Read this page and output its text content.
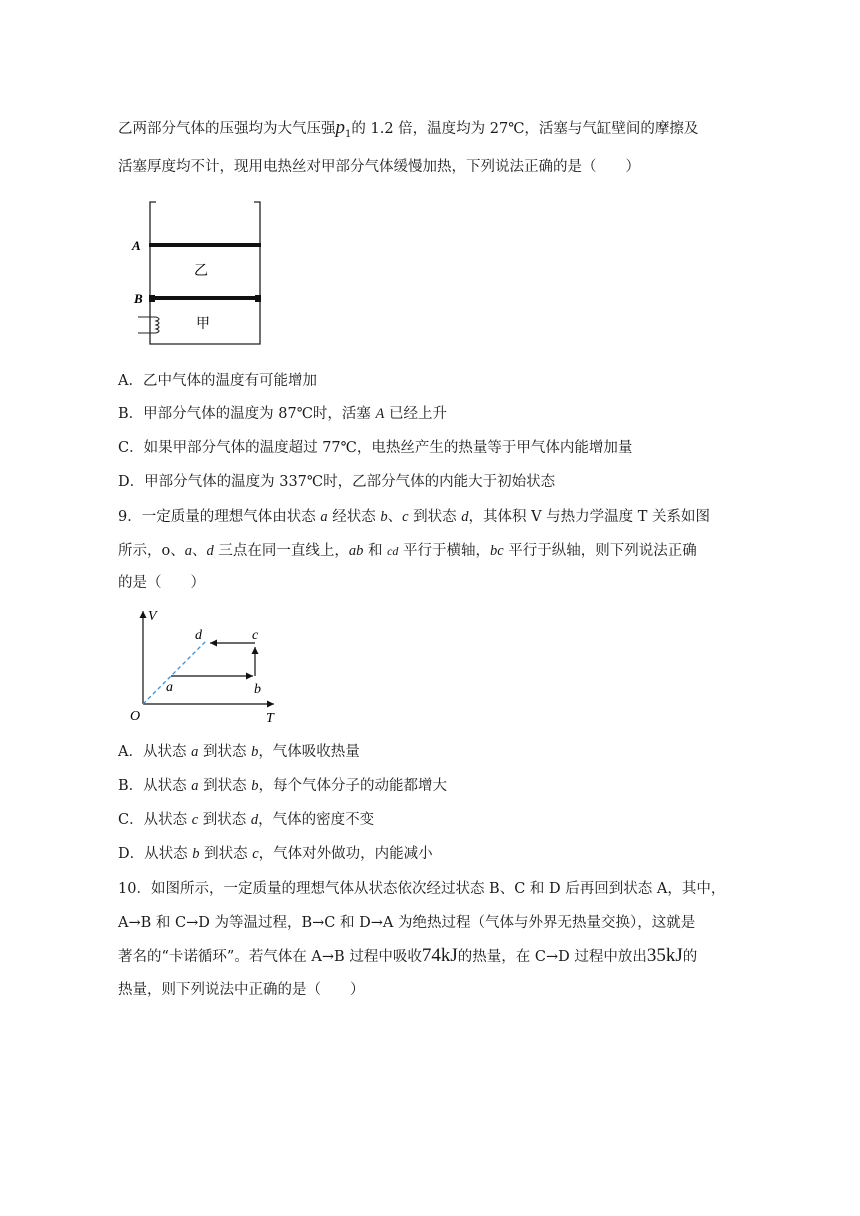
乙两部分气体的压强均为大气压强$p_1$的 1.2 倍，温度均为 27℃，活塞与气缸壁间的摩擦及
活塞厚度均不计，现用电热丝对甲部分气体缓慢加热，下列说法正确的是（　　）
A
B
乙
甲
A．乙中气体的温度有可能增加
B．甲部分气体的温度为 87℃时，活塞 A 已经上升
C．如果甲部分气体的温度超过 77℃，电热丝产生的热量等于甲气体内能增加量
D．甲部分气体的温度为 337℃时，乙部分气体的内能大于初始状态
9．一定质量的理想气体由状态 a 经状态 b、c 到状态 d，其体积 V 与热力学温度 T 关系如图
所示，o、a、d 三点在同一直线上，ab 和 cd 平行于横轴，bc 平行于纵轴，则下列说法正确
的是（　　）
V
T
O
a	b
c
d
A．从状态 a 到状态 b，气体吸收热量
B．从状态 a 到状态 b，每个气体分子的动能都增大
C．从状态 c 到状态 d，气体的密度不变
D．从状态 b 到状态 c，气体对外做功，内能减小
10．如图所示，一定质量的理想气体从状态依次经过状态 B、C 和 D 后再回到状态 A，其中，
A→B 和 C→D 为等温过程，B→C 和 D→A 为绝热过程（气体与外界无热量交换），这就是
著名的“卡诺循环”。若气体在 A→B 过程中吸收74kJ的热量，在 C→D 过程中放出35kJ的
热量，则下列说法中正确的是（　　）
